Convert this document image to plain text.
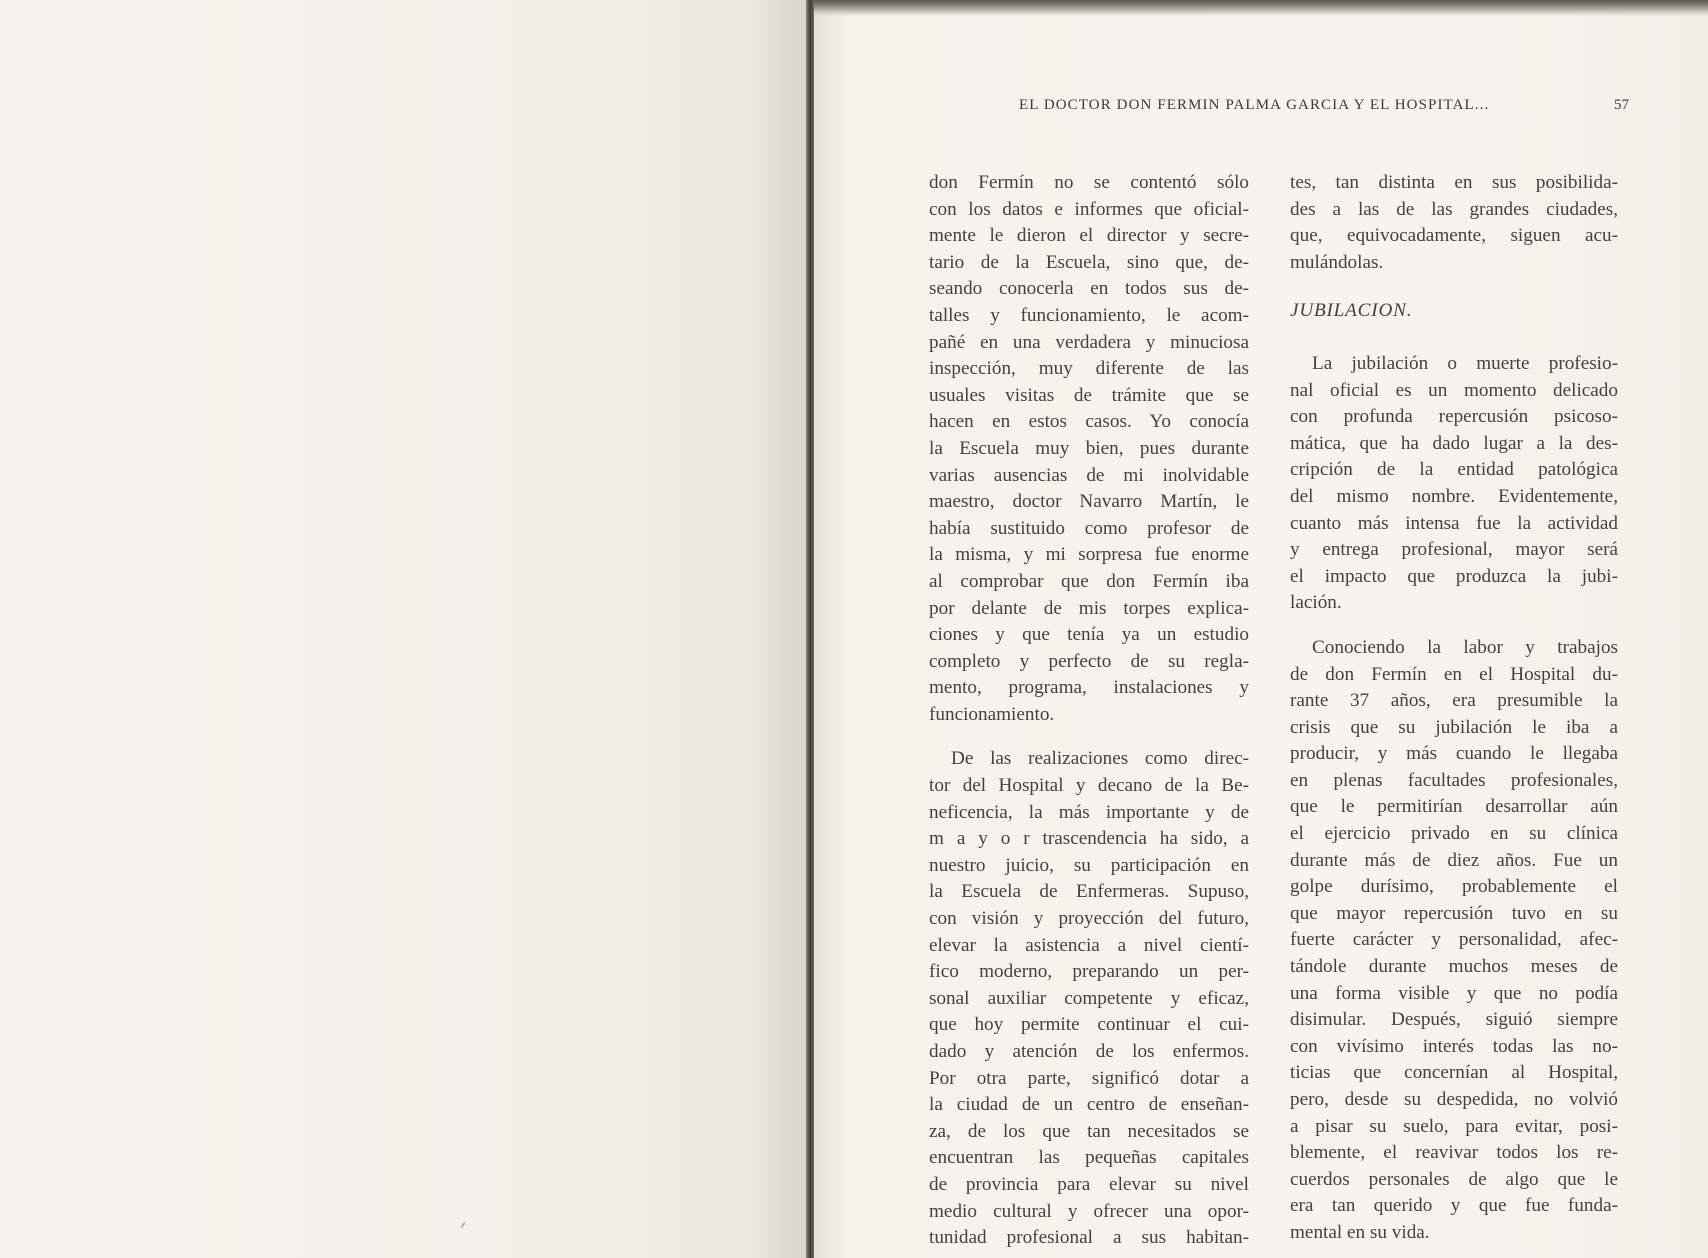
EL DOCTOR DON FERMIN PALMA GARCIA Y EL HOSPITAL...	57
don Fermín no se contentó sólo
con los datos e informes que oficial-
mente le dieron el director y secre-
tario de la Escuela, sino que, de-
seando conocerla en todos sus de-
talles y funcionamiento, le acom-
pañé en una verdadera y minuciosa
inspección, muy diferente de las
usuales visitas de trámite que se
hacen en estos casos. Yo conocía
la Escuela muy bien, pues durante
varias ausencias de mi inolvidable
maestro, doctor Navarro Martín, le
había sustituido como profesor de
la misma, y mi sorpresa fue enorme
al comprobar que don Fermín iba
por delante de mis torpes explica-
ciones y que tenía ya un estudio
completo y perfecto de su regla-
mento, programa, instalaciones y
funcionamiento.
De las realizaciones como direc-
tor del Hospital y decano de la Be-
neficencia, la más importante y de
m a y o r trascendencia ha sido, a
nuestro juicio, su participación en
la Escuela de Enfermeras. Supuso,
con visión y proyección del futuro,
elevar la asistencia a nivel cientí-
fico moderno, preparando un per-
sonal auxiliar competente y eficaz,
que hoy permite continuar el cui-
dado y atención de los enfermos.
Por otra parte, significó dotar a
la ciudad de un centro de enseñan-
za, de los que tan necesitados se
encuentran las pequeñas capitales
de provincia para elevar su nivel
medio cultural y ofrecer una opor-
tunidad profesional a sus habitan-
tes, tan distinta en sus posibilida-
des a las de las grandes ciudades,
que, equivocadamente, siguen acu-
mulándolas.
JUBILACION.
La jubilación o muerte profesio-
nal oficial es un momento delicado
con profunda repercusión psicoso-
mática, que ha dado lugar a la des-
cripción de la entidad patológica
del mismo nombre. Evidentemente,
cuanto más intensa fue la actividad
y entrega profesional, mayor será
el impacto que produzca la jubi-
lación.
Conociendo la labor y trabajos
de don Fermín en el Hospital du-
rante 37 años, era presumible la
crisis que su jubilación le iba a
producir, y más cuando le llegaba
en plenas facultades profesionales,
que le permitirían desarrollar aún
el ejercicio privado en su clínica
durante más de diez años. Fue un
golpe durísimo, probablemente el
que mayor repercusión tuvo en su
fuerte carácter y personalidad, afec-
tándole durante muchos meses de
una forma visible y que no podía
disimular. Después, siguió siempre
con vivísimo interés todas las no-
ticias que concernían al Hospital,
pero, desde su despedida, no volvió
a pisar su suelo, para evitar, posi-
blemente, el reavivar todos los re-
cuerdos personales de algo que le
era tan querido y que fue funda-
mental en su vida.
